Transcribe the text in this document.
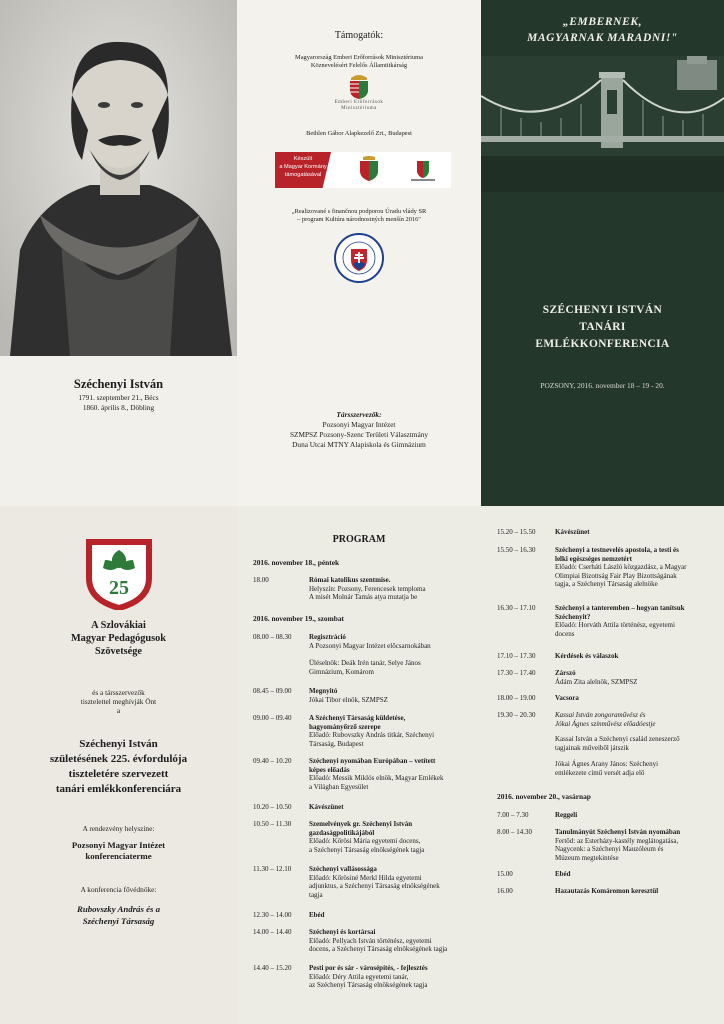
Széchenyi István
1791. szeptember 21., Bécs
1860. április 8., Döbling
Támogatók:
Magyarország Emberi Erőforrások Minisztériuma
Köznevelésért Felelős Államtitkárság
Emberi Erőforrások
Minisztériuma
Bethlen Gábor Alapkezelő Zrt., Budapest
Készült
a Magyar Kormány
támogatásával
„Realizované s finančnou podporou Úradu vlády SR
– program Kultúra národnostných menšín 2016"
Társszervezők:
Pozsonyi Magyar Intézet
SZMPSZ Pozsony-Szenc Területi Választmány
Duna Utcai MTNY Alapiskola és Gimnázium
„EMBERNEK,
MAGYARNAK MARADNI!"
SZÉCHENYI ISTVÁN
TANÁRI
EMLÉKKONFERENCIA
POZSONY, 2016. november 18 – 19 - 20.
25
A Szlovákiai
Magyar Pedagógusok
Szövetsége
és a társszervezők
tisztelettel meghívják Önt
a
Széchenyi István
születésének 225. évfordulója
tiszteletére szervezett
tanári emlékkonferenciára
A rendezvény helyszíne:
Pozsonyi Magyar Intézet
konferenciaterme
A konferencia fővédnöke:
Rubovszky András és a
Széchenyi Társaság
PROGRAM
2016. november 18., péntek
18.00	Római katolikus szentmise.
Helyszín: Pozsony, Ferencesek temploma
A misét Molnár Tamás atya mutatja be
2016. november 19., szombat
08.00 – 08.30	Regisztráció
A Pozsonyi Magyar Intézet előcsarnokában
Üléselnök: Deák Irén tanár, Selye János
Gimnázium, Komárom
08.45 – 09.00	Megnyitó
Jókai Tibor elnök, SZMPSZ
09.00 – 09.40	A Széchenyi Társaság küldetése,
hagyományőrző szerepe
Előadó: Rubovszky András titkár, Széchenyi
Társaság, Budapest
09.40 – 10.20	Széchenyi nyomában Európában – vetített
képes előadás
Előadó: Messik Miklós elnök, Magyar Emlékek
a Világban Egyesület
10.20 – 10.50	Kávészünet
10.50 – 11.30	Szemelvények gr. Széchenyi István
gazdaságpolitikájából
Előadó: Kőrösi Mária egyetemi docens,
a Széchenyi Társaság elnökségének tagja
11.30 – 12.10	Széchenyi vallásossága
Előadó: Kőrösiné Merkl Hilda egyetemi
adjunktus, a Széchenyi Társaság elnökségének
tagja
12.30 – 14.00	Ebéd
14.00 – 14.40	Széchenyi és kortársai
Előadó: Pellyach István történész, egyetemi
docens, a Széchenyi Társaság elnökségének tagja
14.40 – 15.20	Pesti por és sár - városépítés, - fejlesztés
Előadó: Déry Attila egyetemi tanár,
az Széchenyi Társaság elnökségének tagja
15.20 – 15.50	Kávészünet
15.50 – 16.30	Széchenyi a testnevelés apostola, a testi és
lelki egészséges nemzetért
Előadó: Cserháti László közgazdász, a Magyar
Olimpiai Bizottság Fair Play Bizottságának
tagja, a Széchenyi Társaság alelnöke
16.30 – 17.10	Széchenyi a tanteremben – hogyan tanítsuk
Széchenyit?
Előadó: Horváth Attila történész, egyetemi
docens
17.10 – 17.30	Kérdések és válaszok
17.30 – 17.40	Zárszó
Ádám Zita alelnök, SZMPSZ
18.00 – 19.00	Vacsora
19.30 – 20.30	Kassai István zongoraművész és
Jókai Ágnes színművész előadóestje
Kassai István a Széchenyi család zeneszerző
tagjainak műveiből játszik
Jókai Ágnes Arany János: Széchenyi
emlékezete című versét adja elő
2016. november 20., vasárnap
7.00 – 7.30	Reggeli
8.00 – 14.30	Tanulmányút Széchenyi István nyomában
Fertőd: az Esterházy-kastély meglátogatása,
Nagycenk: a Széchenyi Mauzóleum és
Múzeum megtekintése
15.00	Ebéd
16.00	Hazautazás Komáromon keresztül
